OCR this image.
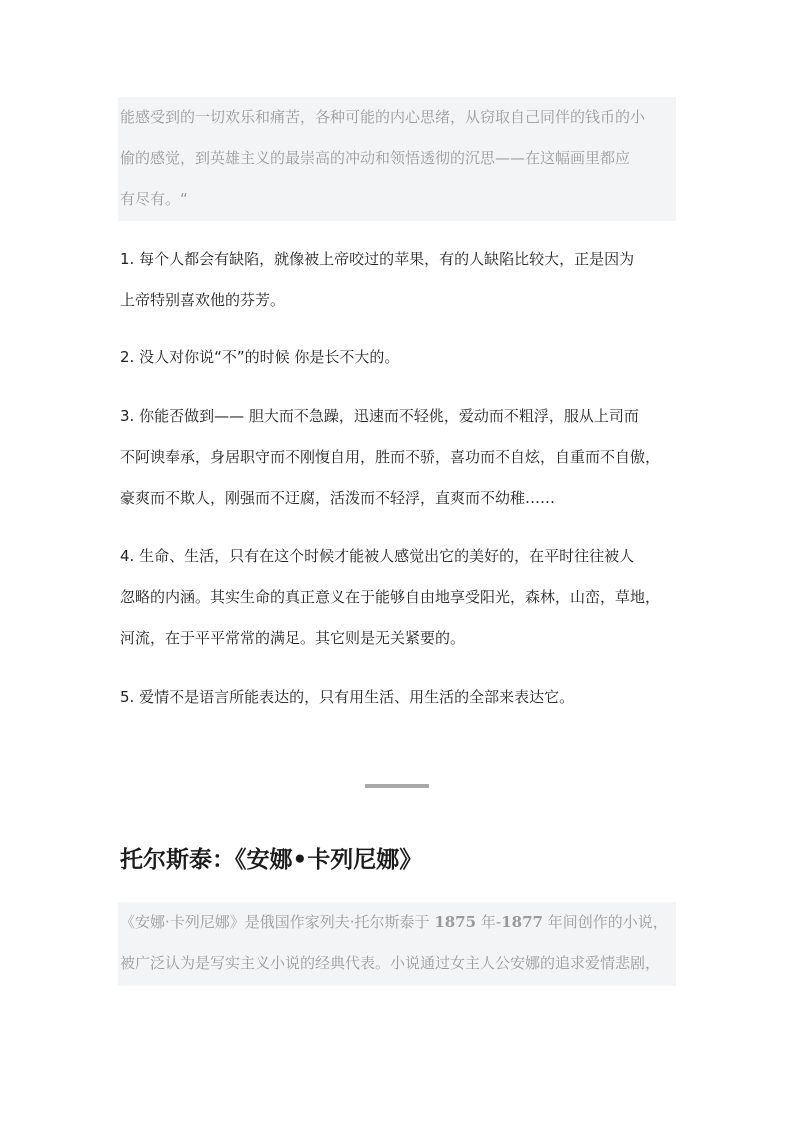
能感受到的一切欢乐和痛苦，各种可能的内心思绪，从窃取自己同伴的钱币的小
偷的感觉，到英雄主义的最崇高的冲动和领悟透彻的沉思——在这幅画里都应
有尽有。“
1. 每个人都会有缺陷，就像被上帝咬过的苹果，有的人缺陷比较大，正是因为
上帝特别喜欢他的芬芳。
2. 没人对你说“不”的时候 你是长不大的。
3. 你能否做到—— 胆大而不急躁，迅速而不轻佻，爱动而不粗浮，服从上司而
不阿谀奉承，身居职守而不刚愎自用，胜而不骄，喜功而不自炫，自重而不自傲，
豪爽而不欺人，刚强而不迂腐，活泼而不轻浮，直爽而不幼稚……
4. 生命、生活，只有在这个时候才能被人感觉出它的美好的，在平时往往被人
忽略的内涵。其实生命的真正意义在于能够自由地享受阳光，森林，山峦，草地，
河流，在于平平常常的满足。其它则是无关紧要的。
5. 爱情不是语言所能表达的，只有用生活、用生活的全部来表达它。
托尔斯泰：《安娜•卡列尼娜》
《安娜·卡列尼娜》是俄国作家列夫·托尔斯泰于 1875 年-1877 年间创作的小说，
被广泛认为是写实主义小说的经典代表。小说通过女主人公安娜的追求爱情悲剧，
